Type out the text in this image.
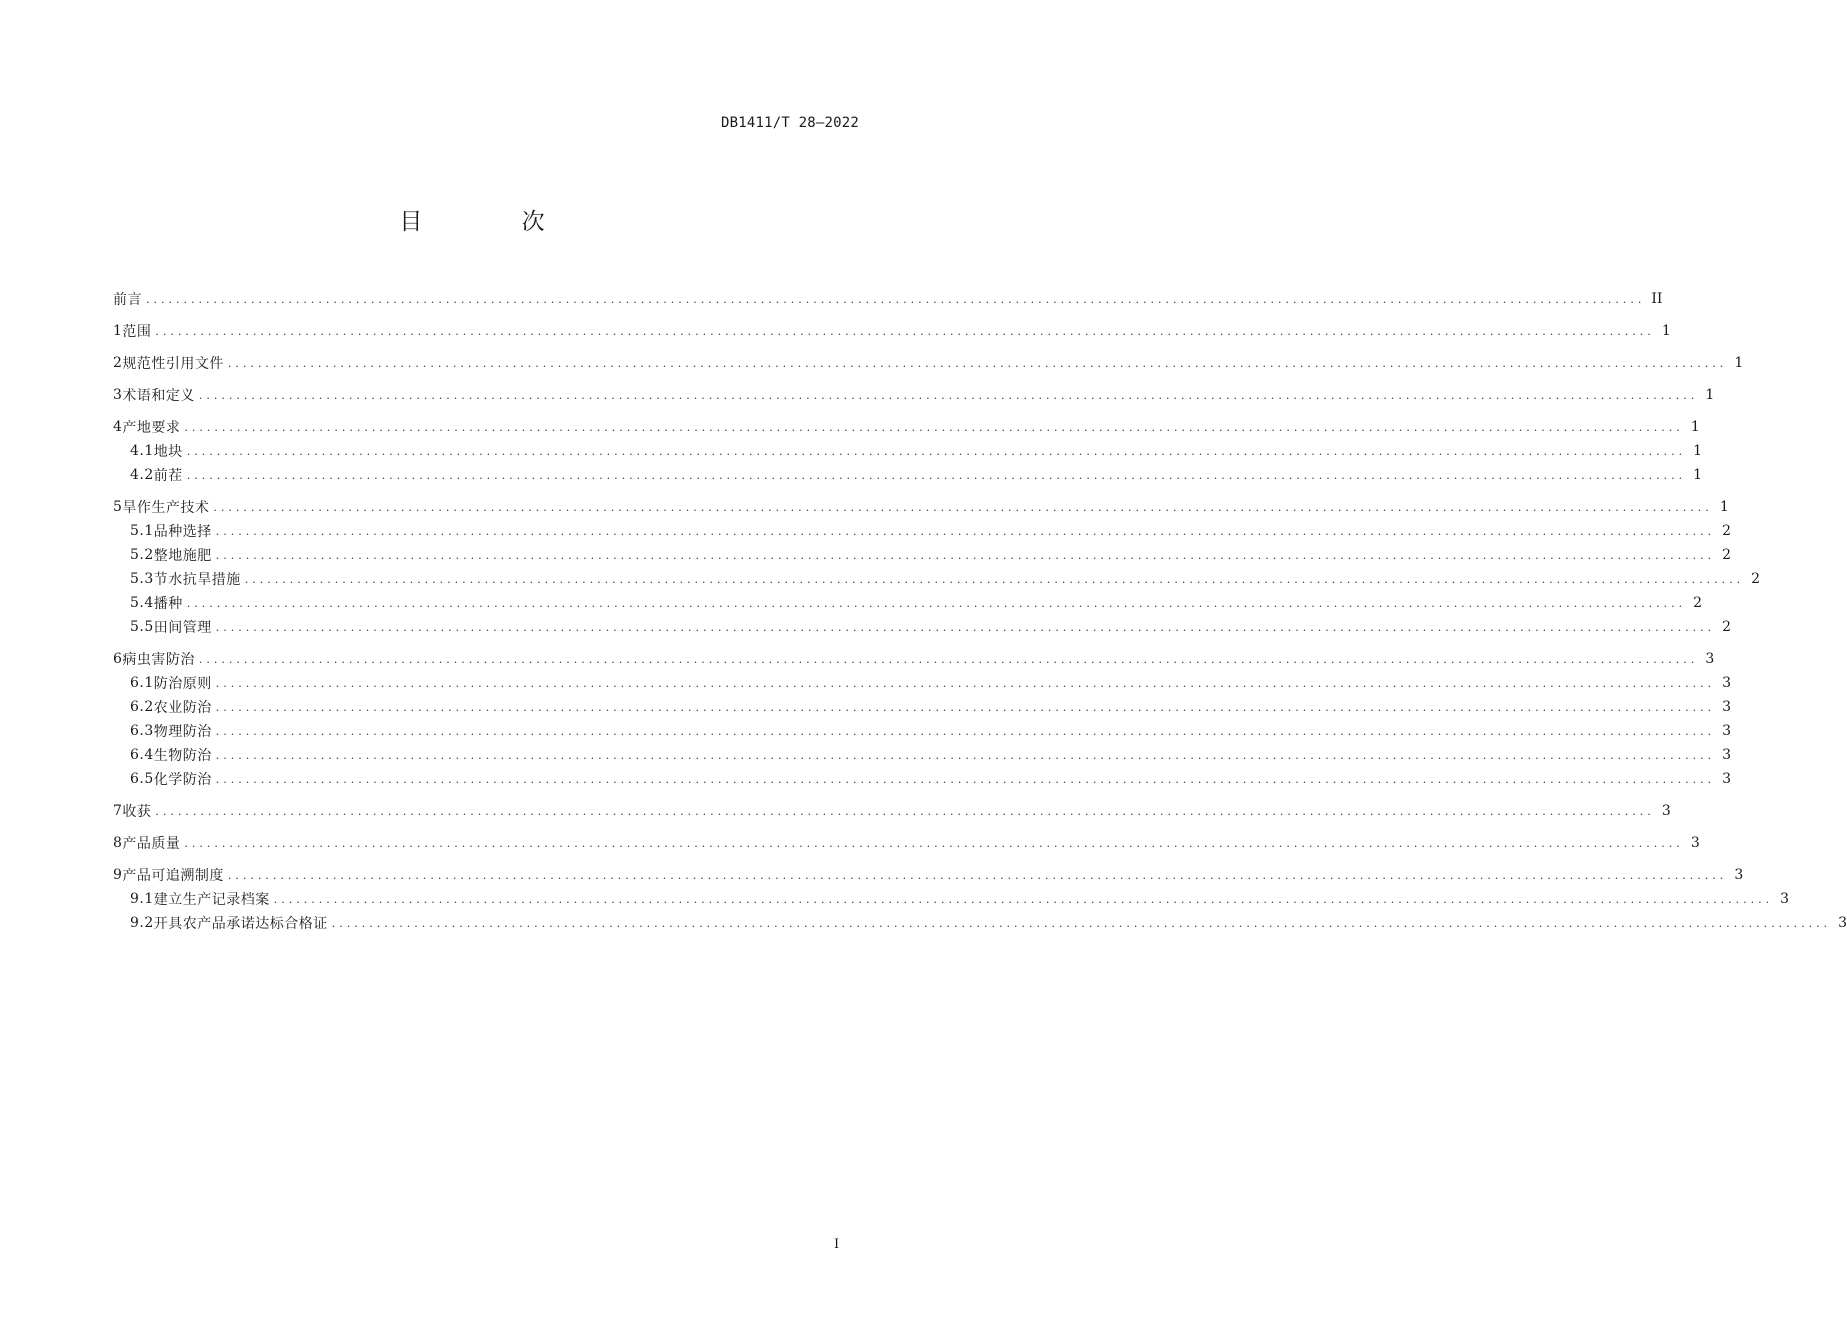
DB1411/T 28—2022
目 次
前言 ........................................................................................................................................................................................................ II
1 范围 ........................................................................................................................................................................................................ 1
2 规范性引用文件 ........................................................................................................................................................................................................ 1
3 术语和定义 ........................................................................................................................................................................................................ 1
4 产地要求 ........................................................................................................................................................................................................ 1
4.1 地块 ........................................................................................................................................................................................................ 1
4.2 前茬 ........................................................................................................................................................................................................ 1
5 旱作生产技术 ........................................................................................................................................................................................................ 1
5.1 品种选择 ........................................................................................................................................................................................................ 2
5.2 整地施肥 ........................................................................................................................................................................................................ 2
5.3 节水抗旱措施 ........................................................................................................................................................................................................ 2
5.4 播种 ........................................................................................................................................................................................................ 2
5.5 田间管理 ........................................................................................................................................................................................................ 2
6 病虫害防治 ........................................................................................................................................................................................................ 3
6.1 防治原则 ........................................................................................................................................................................................................ 3
6.2 农业防治 ........................................................................................................................................................................................................ 3
6.3 物理防治 ........................................................................................................................................................................................................ 3
6.4 生物防治 ........................................................................................................................................................................................................ 3
6.5 化学防治 ........................................................................................................................................................................................................ 3
7 收获 ........................................................................................................................................................................................................ 3
8 产品质量 ........................................................................................................................................................................................................ 3
9 产品可追溯制度 ........................................................................................................................................................................................................ 3
9.1 建立生产记录档案 ........................................................................................................................................................................................................ 3
9.2 开具农产品承诺达标合格证 ........................................................................................................................................................................................................ 3
I
